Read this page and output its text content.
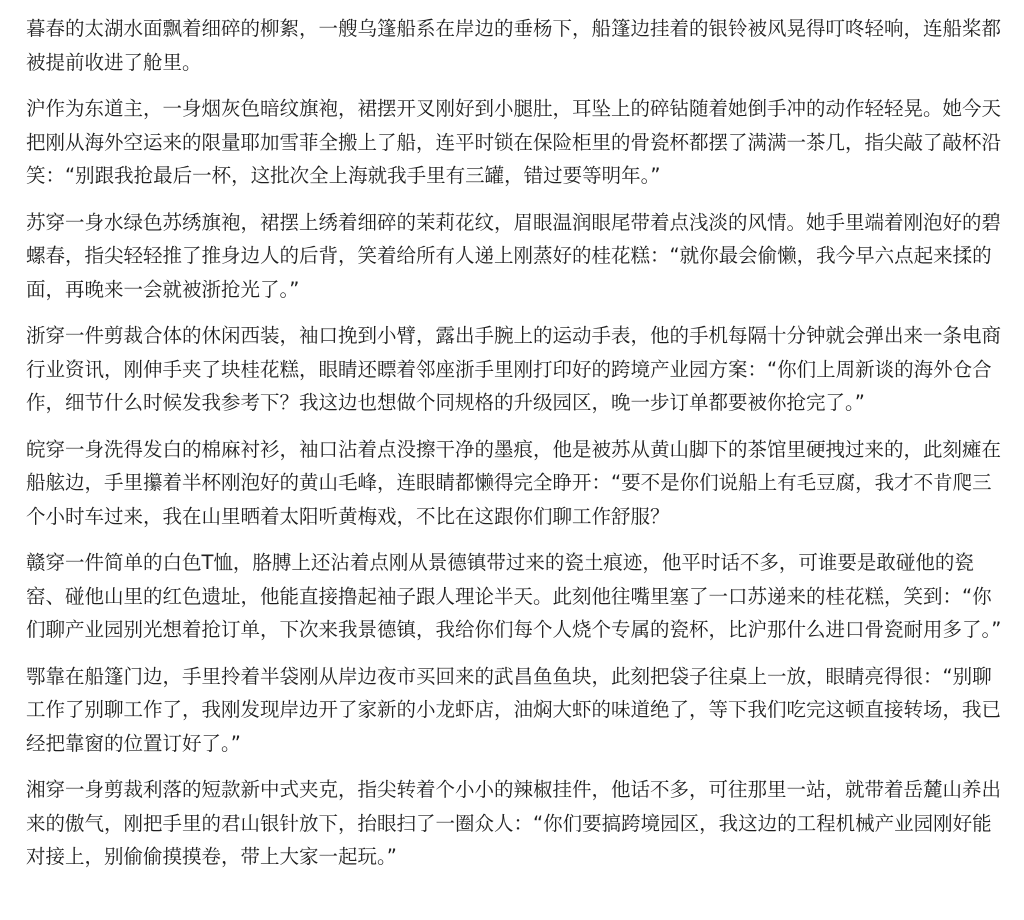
暮春的太湖水面飘着细碎的柳絮，一艘乌篷船系在岸边的垂杨下，船篷边挂着的银铃被风晃得叮咚轻响，连船桨都被提前收进了舱里。

沪作为东道主，一身烟灰色暗纹旗袍，裙摆开叉刚好到小腿肚，耳坠上的碎钻随着她倒手冲的动作轻轻晃。她今天把刚从海外空运来的限量耶加雪菲全搬上了船，连平时锁在保险柜里的骨瓷杯都摆了满满一茶几，指尖敲了敲杯沿笑：“别跟我抢最后一杯，这批次全上海就我手里有三罐，错过要等明年。”

苏穿一身水绿色苏绣旗袍，裙摆上绣着细碎的茉莉花纹，眉眼温润眼尾带着点浅淡的风情。她手里端着刚泡好的碧螺春，指尖轻轻推了推身边人的后背，笑着给所有人递上刚蒸好的桂花糕：“就你最会偷懒，我今早六点起来揉的面，再晚来一会就被浙抢光了。”

浙穿一件剪裁合体的休闲西装，袖口挽到小臂，露出手腕上的运动手表，他的手机每隔十分钟就会弹出来一条电商行业资讯，刚伸手夹了块桂花糕，眼睛还瞟着邻座浙手里刚打印好的跨境产业园方案：“你们上周新谈的海外仓合作，细节什么时候发我参考下？我这边也想做个同规格的升级园区，晚一步订单都要被你抢完了。”

皖穿一身洗得发白的棉麻衬衫，袖口沾着点没擦干净的墨痕，他是被苏从黄山脚下的茶馆里硬拽过来的，此刻瘫在船舷边，手里攥着半杯刚泡好的黄山毛峰，连眼睛都懒得完全睁开：“要不是你们说船上有毛豆腐，我才不肯爬三个小时车过来，我在山里晒着太阳听黄梅戏，不比在这跟你们聊工作舒服？

赣穿一件简单的白色T恤，胳膊上还沾着点刚从景德镇带过来的瓷土痕迹，他平时话不多，可谁要是敢碰他的瓷窑、碰他山里的红色遗址，他能直接撸起袖子跟人理论半天。此刻他往嘴里塞了一口苏递来的桂花糕，笑到：“你们聊产业园别光想着抢订单，下次来我景德镇，我给你们每个人烧个专属的瓷杯，比沪那什么进口骨瓷耐用多了。”

鄂靠在船篷门边，手里拎着半袋刚从岸边夜市买回来的武昌鱼鱼块，此刻把袋子往桌上一放，眼睛亮得很：“别聊工作了别聊工作了，我刚发现岸边开了家新的小龙虾店，油焖大虾的味道绝了，等下我们吃完这顿直接转场，我已经把靠窗的位置订好了。”

湘穿一身剪裁利落的短款新中式夹克，指尖转着个小小的辣椒挂件，他话不多，可往那里一站，就带着岳麓山养出来的傲气，刚把手里的君山银针放下，抬眼扫了一圈众人：“你们要搞跨境园区，我这边的工程机械产业园刚好能对接上，别偷偷摸摸卷，带上大家一起玩。”
